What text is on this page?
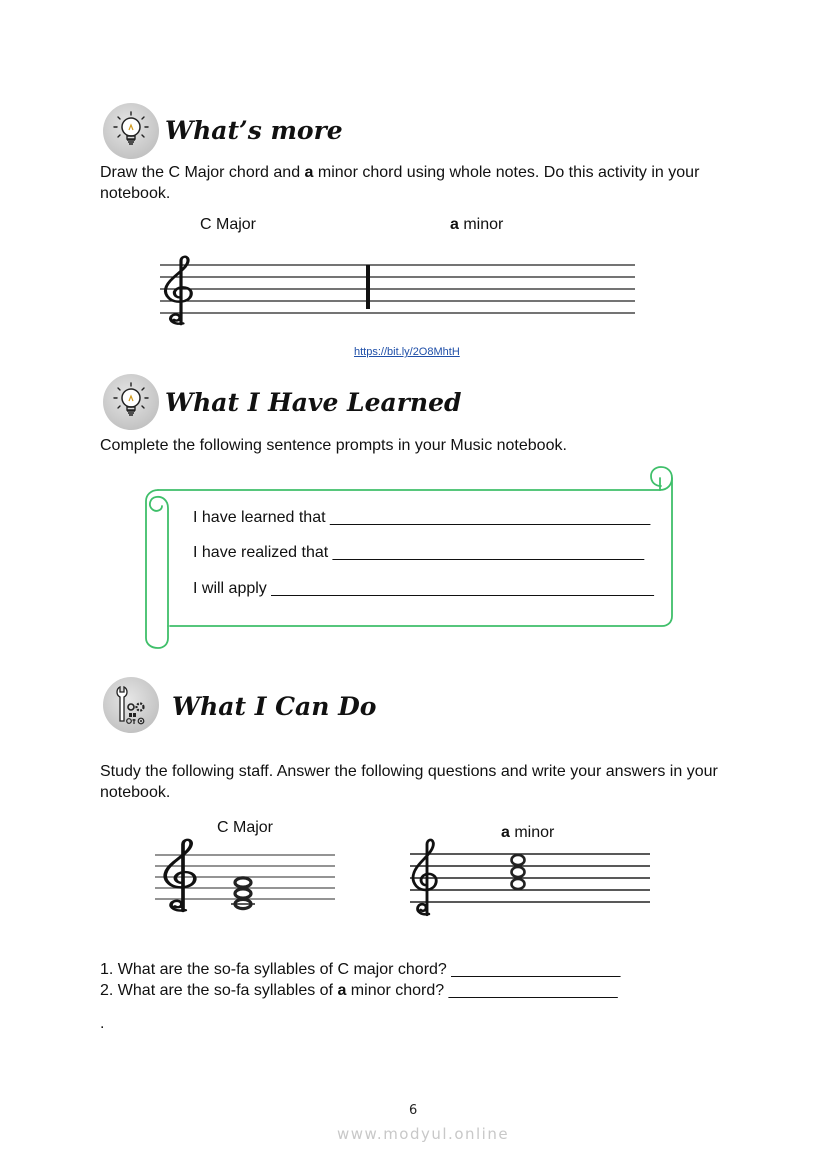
What’s more
Draw the C Major chord and a minor chord using whole notes. Do this activity in your notebook.
C Major	a minor
https://bit.ly/2O8MhtH
What I Have Learned
Complete the following sentence prompts in your Music notebook.
I have learned that ____________________________________
I have realized that ___________________________________
I will apply ___________________________________________
What I Can Do
Study the following staff. Answer the following questions and write your answers in your notebook.
C Major	a minor
1. What are the so-fa syllables of C major chord? ___________________
2. What are the so-fa syllables of a minor chord? ___________________
.
6
www.modyul.online
